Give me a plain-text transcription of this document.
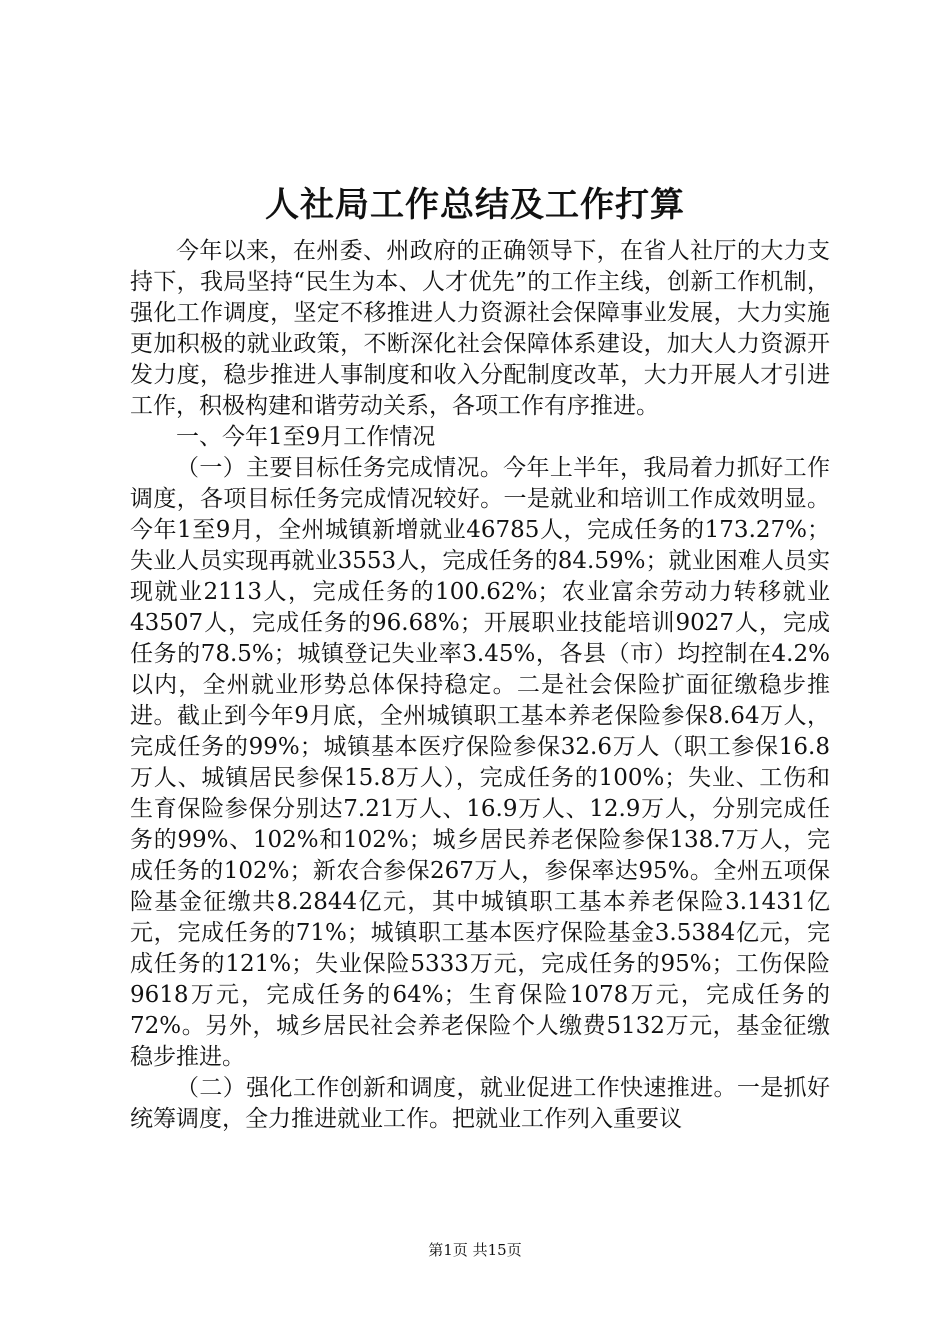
人社局工作总结及工作打算

今年以来，在州委、州政府的正确领导下，在省人社厅的大力支持下，我局坚持“民生为本、人才优先”的工作主线，创新工作机制，强化工作调度，坚定不移推进人力资源社会保障事业发展，大力实施更加积极的就业政策，不断深化社会保障体系建设，加大人力资源开发力度，稳步推进人事制度和收入分配制度改革，大力开展人才引进工作，积极构建和谐劳动关系，各项工作有序推进。

一、今年1至9月工作情况

（一）主要目标任务完成情况。今年上半年，我局着力抓好工作调度，各项目标任务完成情况较好。一是就业和培训工作成效明显。今年1至9月，全州城镇新增就业46785人，完成任务的173.27%；失业人员实现再就业3553人，完成任务的84.59%；就业困难人员实现就业2113人，完成任务的100.62%；农业富余劳动力转移就业43507人，完成任务的96.68%；开展职业技能培训9027人，完成任务的78.5%；城镇登记失业率3.45%，各县（市）均控制在4.2%以内，全州就业形势总体保持稳定。二是社会保险扩面征缴稳步推进。截止到今年9月底，全州城镇职工基本养老保险参保8.64万人，完成任务的99%；城镇基本医疗保险参保32.6万人（职工参保16.8万人、城镇居民参保15.8万人），完成任务的100%；失业、工伤和生育保险参保分别达7.21万人、16.9万人、12.9万人，分别完成任务的99%、102%和102%；城乡居民养老保险参保138.7万人，完成任务的102%；新农合参保267万人，参保率达95%。全州五项保险基金征缴共8.2844亿元，其中城镇职工基本养老保险3.1431亿元，完成任务的71%；城镇职工基本医疗保险基金3.5384亿元，完成任务的121%；失业保险5333万元，完成任务的95%；工伤保险9618万元，完成任务的64%；生育保险1078万元，完成任务的72%。另外，城乡居民社会养老保险个人缴费5132万元，基金征缴稳步推进。

（二）强化工作创新和调度，就业促进工作快速推进。一是抓好统筹调度，全力推进就业工作。把就业工作列入重要议

第1页 共15页
